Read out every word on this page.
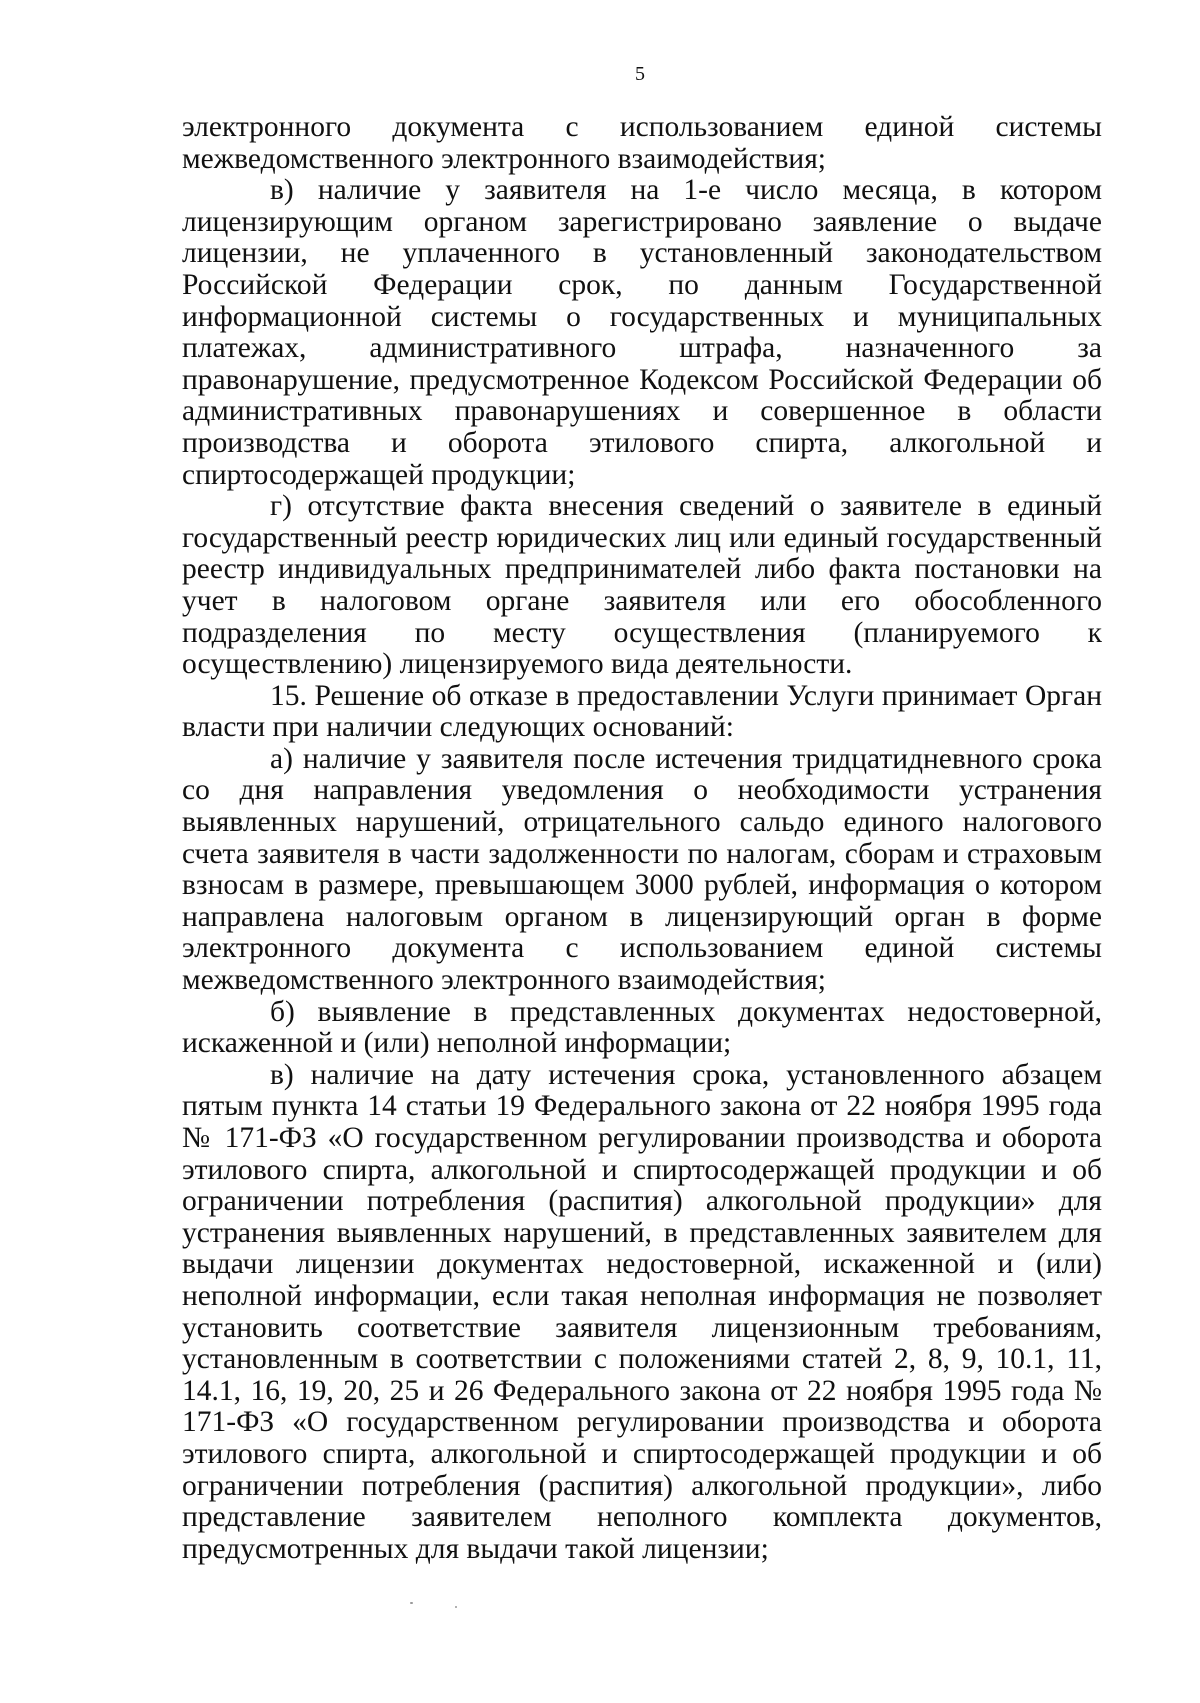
5

электронного документа с использованием единой системы межведомственного электронного взаимодействия;

в) наличие у заявителя на 1-е число месяца, в котором лицензирующим органом зарегистрировано заявление о выдаче лицензии, не уплаченного в установленный законодательством Российской Федерации срок, по данным Государственной информационной системы о государственных и муниципальных платежах, административного штрафа, назначенного за правонарушение, предусмотренное Кодексом Российской Федерации об административных правонарушениях и совершенное в области производства и оборота этилового спирта, алкогольной и спиртосодержащей продукции;

г) отсутствие факта внесения сведений о заявителе в единый государственный реестр юридических лиц или единый государственный реестр индивидуальных предпринимателей либо факта постановки на учет в налоговом органе заявителя или его обособленного подразделения по месту осуществления (планируемого к осуществлению) лицензируемого вида деятельности.

15. Решение об отказе в предоставлении Услуги принимает Орган власти при наличии следующих оснований:

а) наличие у заявителя после истечения тридцатидневного срока со дня направления уведомления о необходимости устранения выявленных нарушений, отрицательного сальдо единого налогового счета заявителя в части задолженности по налогам, сборам и страховым взносам в размере, превышающем 3000 рублей, информация о котором направлена налоговым органом в лицензирующий орган в форме электронного документа с использованием единой системы межведомственного электронного взаимодействия;

б) выявление в представленных документах недостоверной, искаженной и (или) неполной информации;

в) наличие на дату истечения срока, установленного абзацем пятым пункта 14 статьи 19 Федерального закона от 22 ноября 1995 года № 171-ФЗ «О государственном регулировании производства и оборота этилового спирта, алкогольной и спиртосодержащей продукции и об ограничении потребления (распития) алкогольной продукции» для устранения выявленных нарушений, в представленных заявителем для выдачи лицензии документах недостоверной, искаженной и (или) неполной информации, если такая неполная информация не позволяет установить соответствие заявителя лицензионным требованиям, установленным в соответствии с положениями статей 2, 8, 9, 10.1, 11, 14.1, 16, 19, 20, 25 и 26 Федерального закона от 22 ноября 1995 года № 171-ФЗ «О государственном регулировании производства и оборота этилового спирта, алкогольной и спиртосодержащей продукции и об ограничении потребления (распития) алкогольной продукции», либо представление заявителем неполного комплекта документов, предусмотренных для выдачи такой лицензии;
